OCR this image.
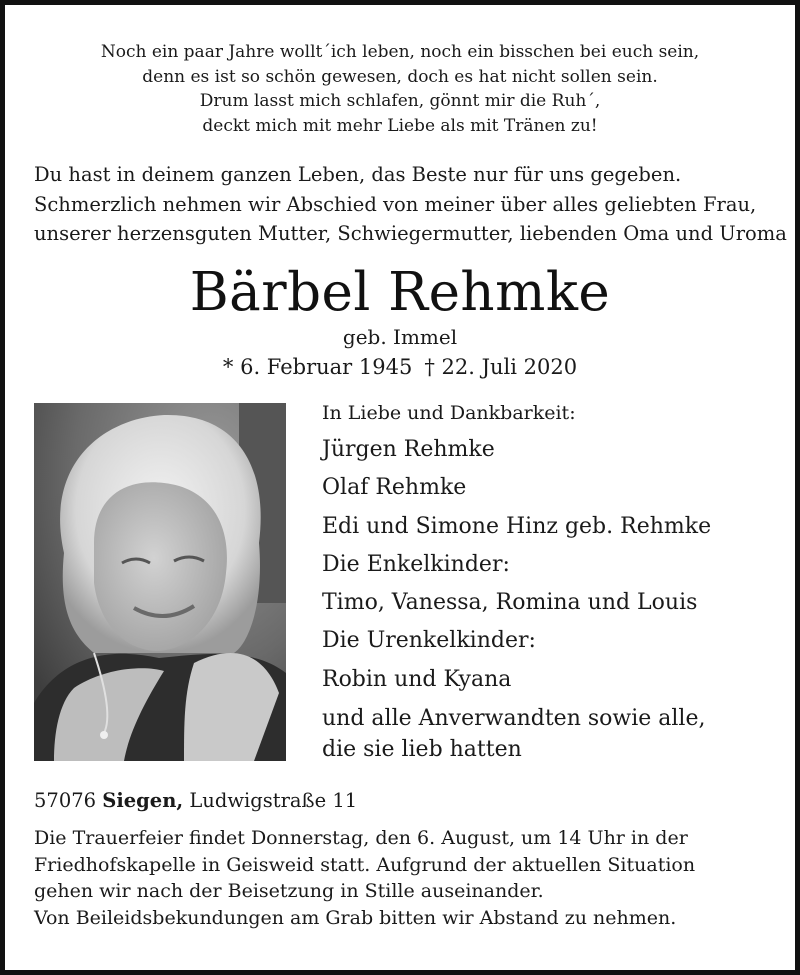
Noch ein paar Jahre wollt´ich leben, noch ein bisschen bei euch sein,
denn es ist so schön gewesen, doch es hat nicht sollen sein.
Drum lasst mich schlafen, gönnt mir die Ruh´,
deckt mich mit mehr Liebe als mit Tränen zu!
Du hast in deinem ganzen Leben, das Beste nur für uns gegeben.
Schmerzlich nehmen wir Abschied von meiner über alles geliebten Frau,
unserer herzensguten Mutter, Schwiegermutter, liebenden Oma und Uroma
Bärbel Rehmke
geb. Immel
* 6. Februar 1945 † 22. Juli 2020
In Liebe und Dankbarkeit:
Jürgen Rehmke
Olaf Rehmke
Edi und Simone Hinz geb. Rehmke
Die Enkelkinder:
Timo, Vanessa, Romina und Louis
Die Urenkelkinder:
Robin und Kyana
und alle Anverwandten sowie alle,
die sie lieb hatten
57076 Siegen, Ludwigstraße 11
Die Trauerfeier findet Donnerstag, den 6. August, um 14 Uhr in der
Friedhofskapelle in Geisweid statt. Aufgrund der aktuellen Situation
gehen wir nach der Beisetzung in Stille auseinander.
Von Beileidsbekundungen am Grab bitten wir Abstand zu nehmen.
